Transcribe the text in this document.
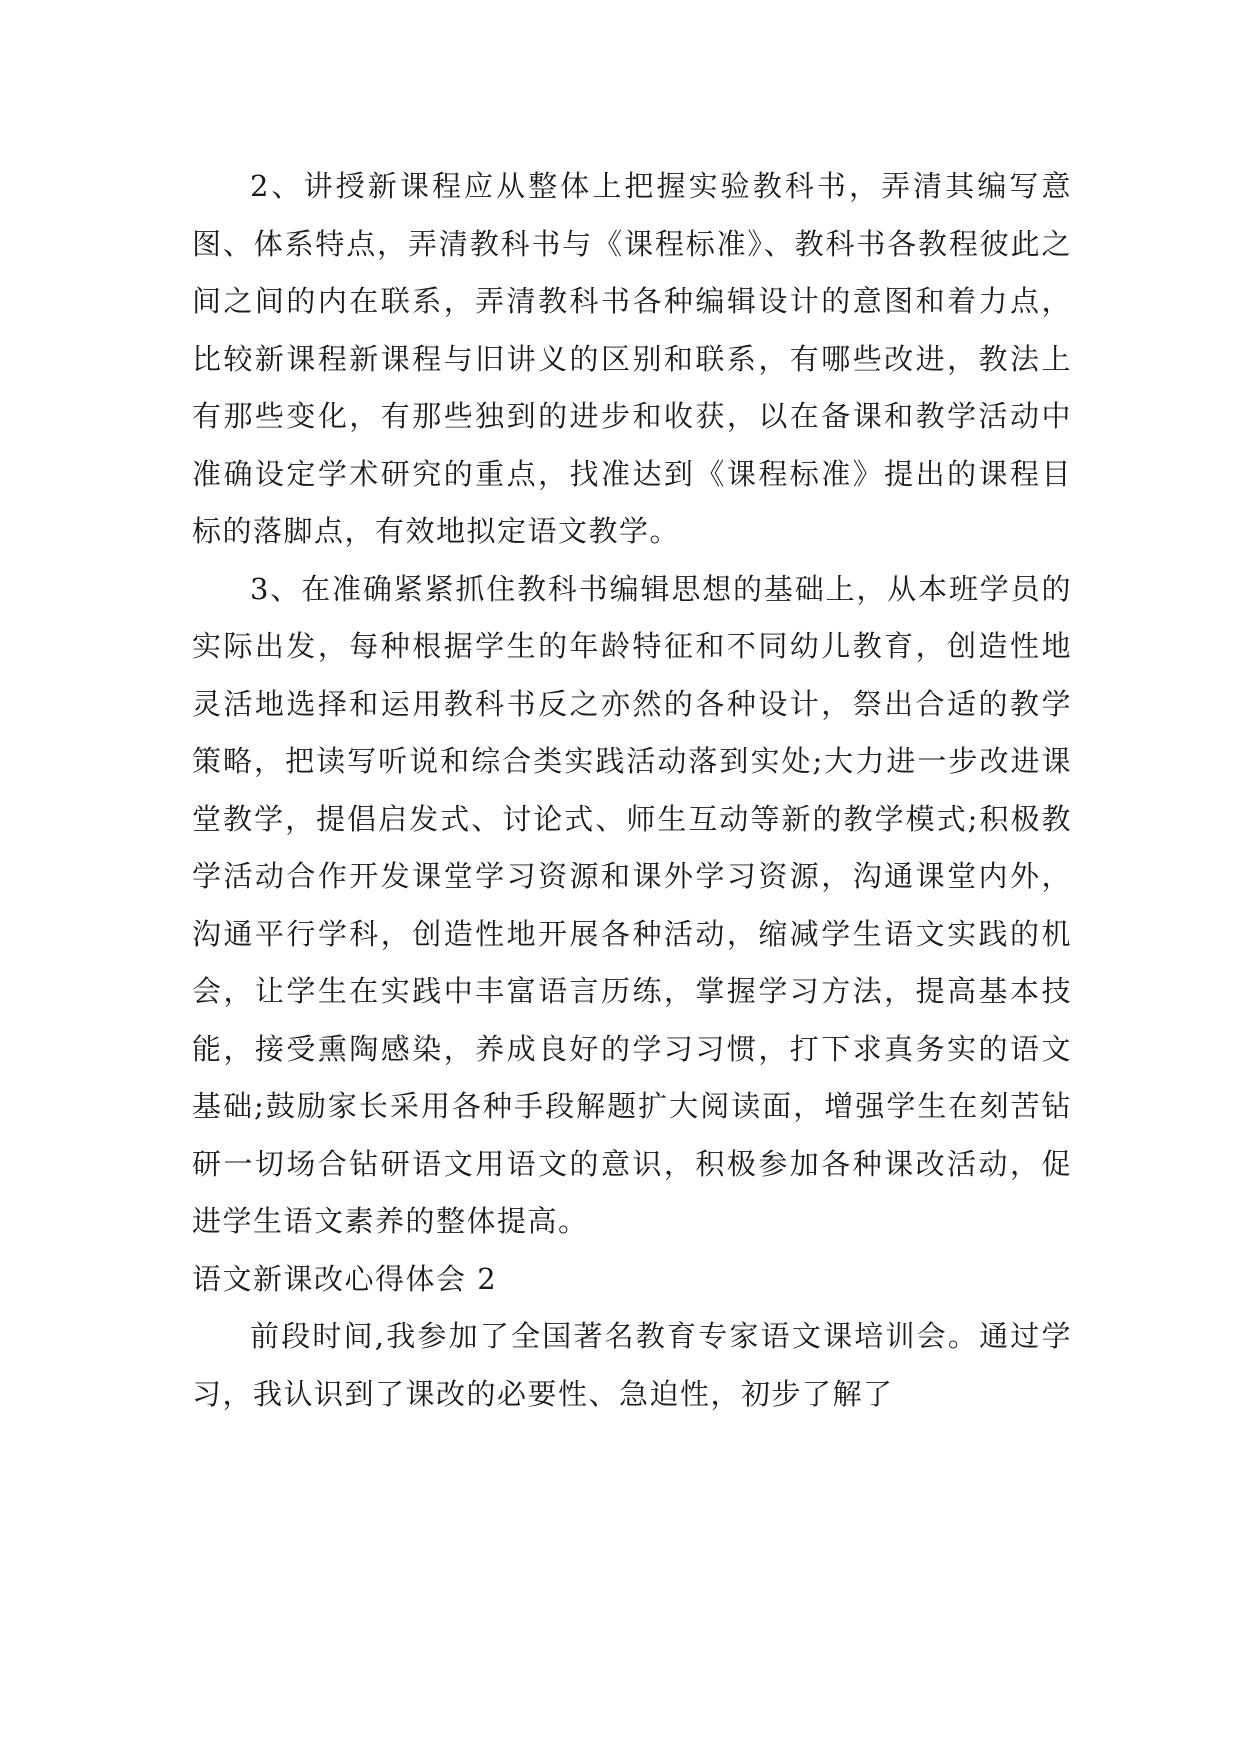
2、讲授新课程应从整体上把握实验教科书，弄清其编写意图、体系特点，弄清教科书与《课程标准》、教科书各教程彼此之间之间的内在联系，弄清教科书各种编辑设计的意图和着力点，比较新课程新课程与旧讲义的区别和联系，有哪些改进，教法上有那些变化，有那些独到的进步和收获，以在备课和教学活动中准确设定学术研究的重点，找准达到《课程标准》提出的课程目标的落脚点，有效地拟定语文教学。

3、在准确紧紧抓住教科书编辑思想的基础上，从本班学员的实际出发，每种根据学生的年龄特征和不同幼儿教育，创造性地灵活地选择和运用教科书反之亦然的各种设计，祭出合适的教学策略，把读写听说和综合类实践活动落到实处;大力进一步改进课堂教学，提倡启发式、讨论式、师生互动等新的教学模式;积极教学活动合作开发课堂学习资源和课外学习资源，沟通课堂内外，沟通平行学科，创造性地开展各种活动，缩减学生语文实践的机会，让学生在实践中丰富语言历练，掌握学习方法，提高基本技能，接受熏陶感染，养成良好的学习习惯，打下求真务实的语文基础;鼓励家长采用各种手段解题扩大阅读面，增强学生在刻苦钻研一切场合钻研语文用语文的意识，积极参加各种课改活动，促进学生语文素养的整体提高。

语文新课改心得体会 2

前段时间,我参加了全国著名教育专家语文课培训会。通过学习，我认识到了课改的必要性、急迫性，初步了解了
